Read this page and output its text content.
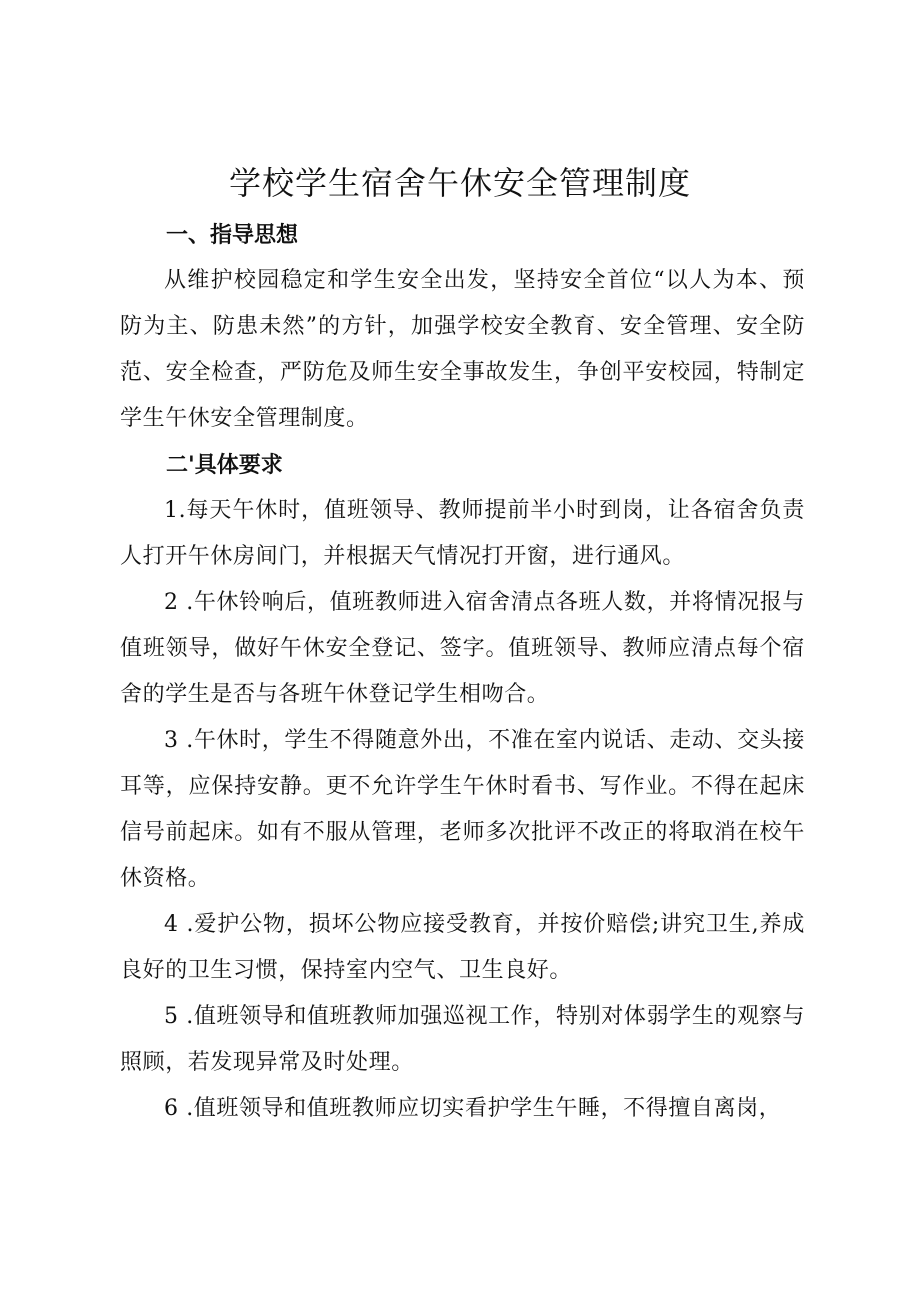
学校学生宿舍午休安全管理制度
一、指导思想

从维护校园稳定和学生安全出发，坚持安全首位“以人为本、预防为主、防患未然”的方针，加强学校安全教育、安全管理、安全防范、安全检查，严防危及师生安全事故发生，争创平安校园，特制定学生午休安全管理制度。

二'具体要求

1.每天午休时，值班领导、教师提前半小时到岗，让各宿舍负责人打开午休房间门，并根据天气情况打开窗，进行通风。

2 .午休铃响后，值班教师进入宿舍清点各班人数，并将情况报与值班领导，做好午休安全登记、签字。值班领导、教师应清点每个宿舍的学生是否与各班午休登记学生相吻合。

3 .午休时，学生不得随意外出，不准在室内说话、走动、交头接耳等，应保持安静。更不允许学生午休时看书、写作业。不得在起床信号前起床。如有不服从管理，老师多次批评不改正的将取消在校午休资格。

4 .爱护公物，损坏公物应接受教育，并按价赔偿;讲究卫生,养成良好的卫生习惯，保持室内空气、卫生良好。

5 .值班领导和值班教师加强巡视工作，特别对体弱学生的观察与照顾，若发现异常及时处理。

6 .值班领导和值班教师应切实看护学生午睡，不得擅自离岗，
